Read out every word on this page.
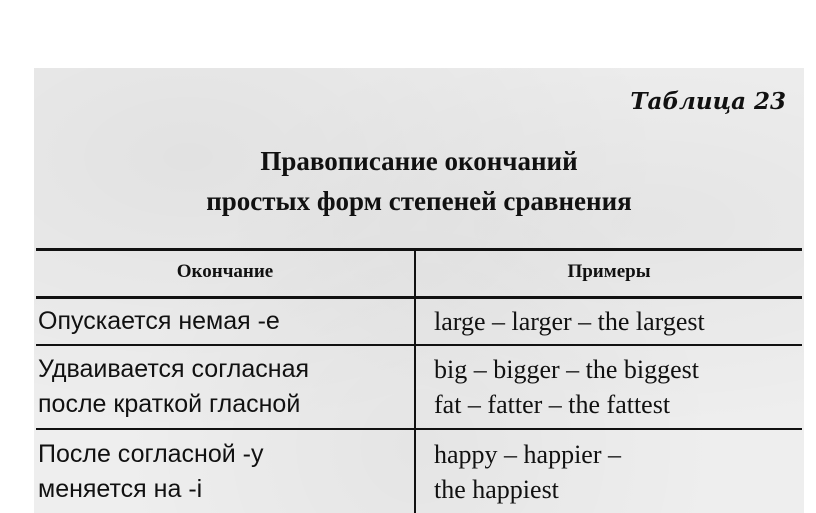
Таблица 23
Правописание окончаний
простых форм степеней сравнения
Окончание	Примеры
Опускается немая -е	large – larger – the largest
Удваивается согласная
после краткой гласной
big – bigger – the biggest
fat – fatter – the fattest
После согласной -у
меняется на -i
happy – happier –
the happiest
